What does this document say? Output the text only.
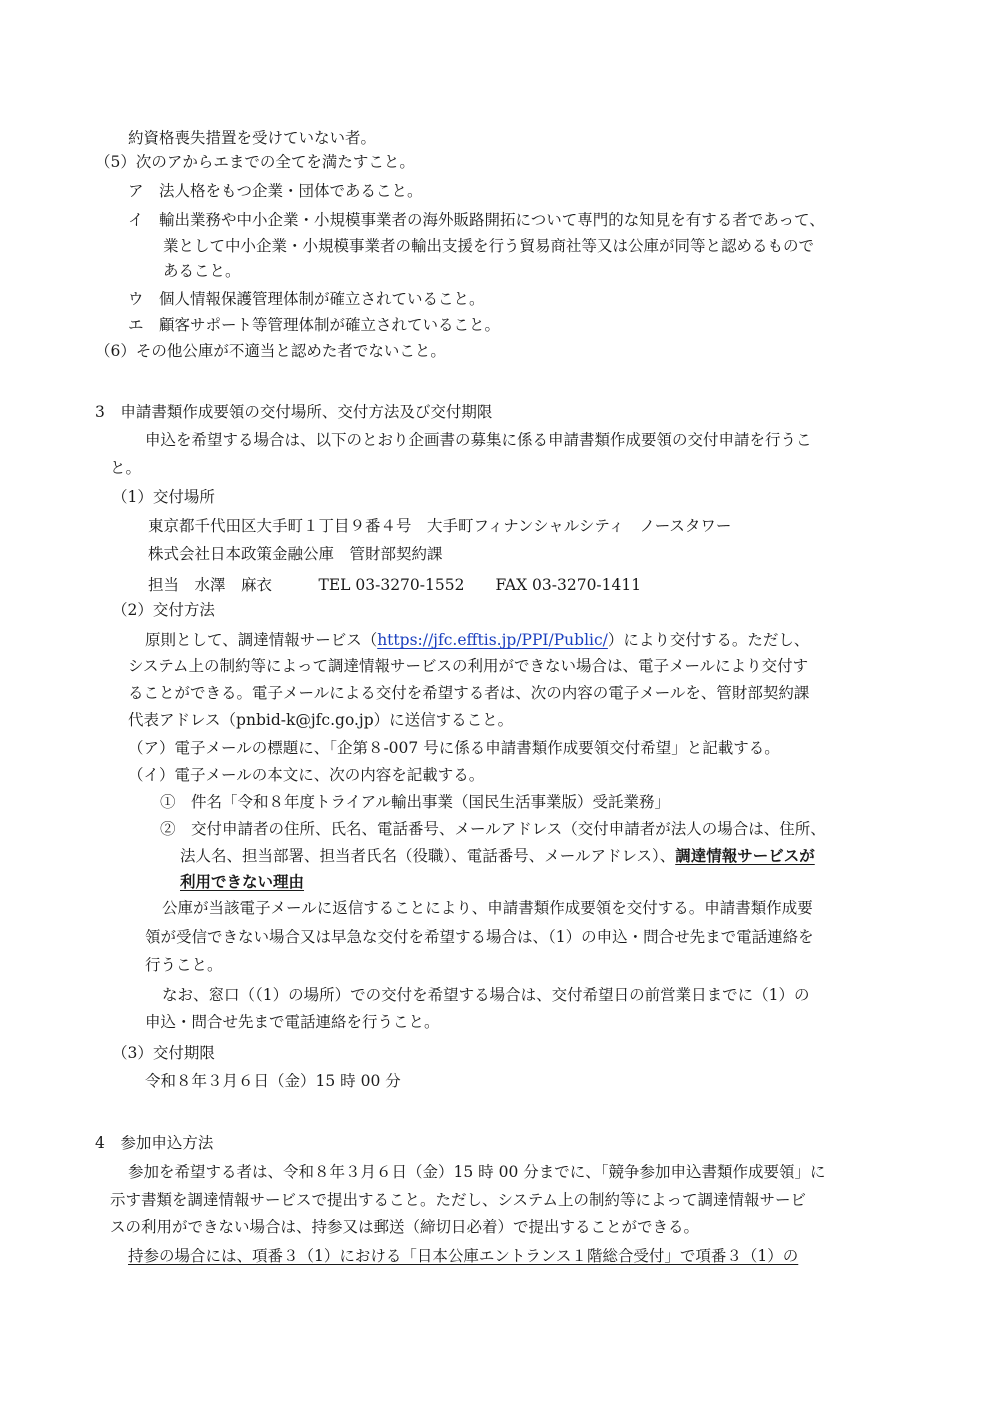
約資格喪失措置を受けていない者。
（5）次のアからエまでの全てを満たすこと。
ア　法人格をもつ企業・団体であること。
イ　輸出業務や中小企業・小規模事業者の海外販路開拓について専門的な知見を有する者であって、
業として中小企業・小規模事業者の輸出支援を行う貿易商社等又は公庫が同等と認めるもので
あること。
ウ　個人情報保護管理体制が確立されていること。
エ　顧客サポート等管理体制が確立されていること。
（6）その他公庫が不適当と認めた者でないこと。
3　申請書類作成要領の交付場所、交付方法及び交付期限
申込を希望する場合は、以下のとおり企画書の募集に係る申請書類作成要領の交付申請を行うこ
と。
（1）交付場所
東京都千代田区大手町１丁目９番４号　大手町フィナンシャルシティ　ノースタワー
株式会社日本政策金融公庫　管財部契約課
担当　水澤　麻衣　　　TEL 03-3270-1552　　FAX 03-3270-1411
（2）交付方法
原則として、調達情報サービス（https://jfc.efftis.jp/PPI/Public/）により交付する。ただし、
システム上の制約等によって調達情報サービスの利用ができない場合は、電子メールにより交付す
ることができる。電子メールによる交付を希望する者は、次の内容の電子メールを、管財部契約課
代表アドレス（pnbid-k@jfc.go.jp）に送信すること。
（ア）電子メールの標題に、「企第８-007 号に係る申請書類作成要領交付希望」と記載する。
（イ）電子メールの本文に、次の内容を記載する。
①　件名「令和８年度トライアル輸出事業（国民生活事業版）受託業務」
②　交付申請者の住所、氏名、電話番号、メールアドレス（交付申請者が法人の場合は、住所、
法人名、担当部署、担当者氏名（役職）、電話番号、メールアドレス）、調達情報サービスが
利用できない理由
公庫が当該電子メールに返信することにより、申請書類作成要領を交付する。申請書類作成要
領が受信できない場合又は早急な交付を希望する場合は、（1）の申込・問合せ先まで電話連絡を
行うこと。
なお、窓口（（1）の場所）での交付を希望する場合は、交付希望日の前営業日までに（1）の
申込・問合せ先まで電話連絡を行うこと。
（3）交付期限
令和８年３月６日（金）15 時 00 分
4　参加申込方法
参加を希望する者は、令和８年３月６日（金）15 時 00 分までに、「競争参加申込書類作成要領」に
示す書類を調達情報サービスで提出すること。ただし、システム上の制約等によって調達情報サービ
スの利用ができない場合は、持参又は郵送（締切日必着）で提出することができる。
持参の場合には、項番３（1）における「日本公庫エントランス１階総合受付」で項番３（1）の
